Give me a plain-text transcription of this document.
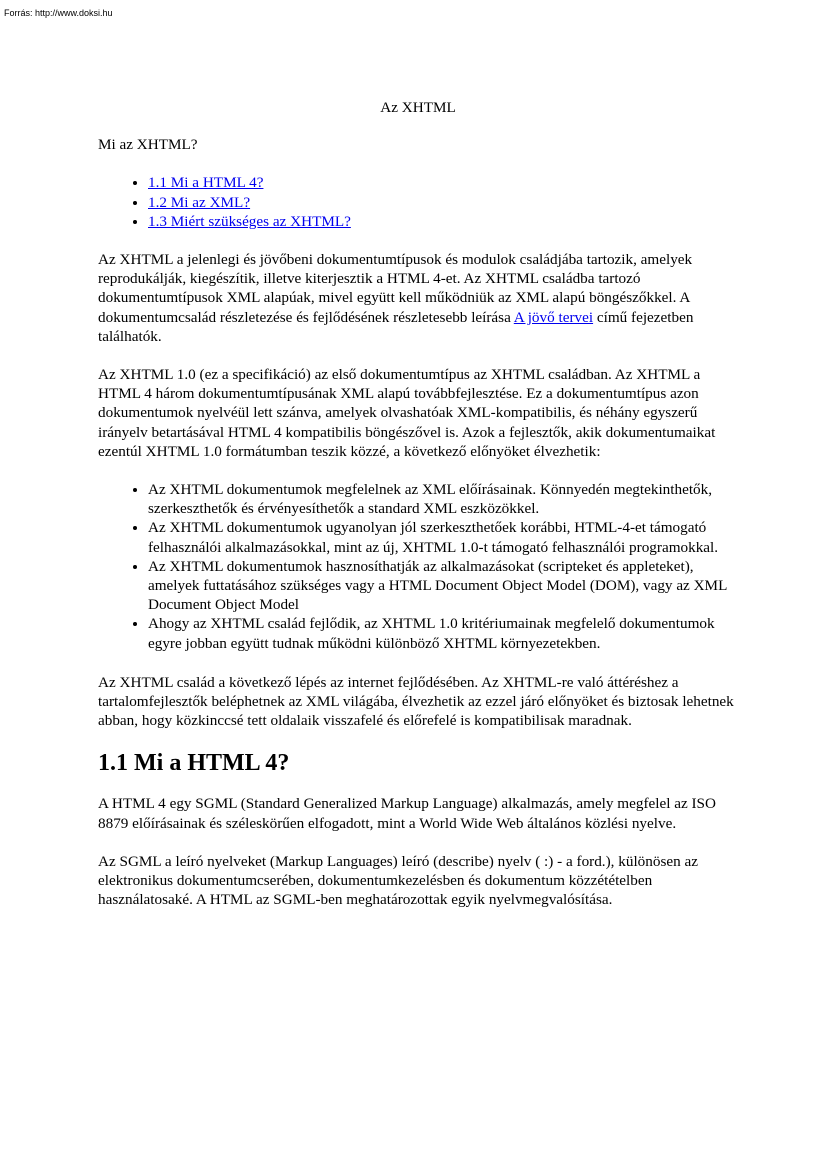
Forrás: http://www.doksi.hu
Az XHTML
Mi az XHTML?
• 1.1 Mi a HTML 4?
• 1.2 Mi az XML?
• 1.3 Miért szükséges az XHTML?

Az XHTML a jelenlegi és jövőbeni dokumentumtípusok és modulok családjába tartozik, amelyek reprodukálják, kiegészítik, illetve kiterjesztik a HTML 4-et. Az XHTML családba tartozó dokumentumtípusok XML alapúak, mivel együtt kell működniük az XML alapú böngészőkkel. A dokumentumcsalád részletezése és fejlődésének részletesebb leírása A jövő tervei című fejezetben találhatók.

Az XHTML 1.0 (ez a specifikáció) az első dokumentumtípus az XHTML családban. Az XHTML a HTML 4 három dokumentumtípusának XML alapú továbbfejlesztése. Ez a dokumentumtípus azon dokumentumok nyelvéül lett szánva, amelyek olvashatóak XML-kompatibilis, és néhány egyszerű irányelv betartásával HTML 4 kompatibilis böngészővel is. Azok a fejlesztők, akik dokumentumaikat ezentúl XHTML 1.0 formátumban teszik közzé, a következő előnyöket élvezhetik:

• Az XHTML dokumentumok megfelelnek az XML előírásainak. Könnyedén megtekinthetők, szerkeszthetők és érvényesíthetők a standard XML eszközökkel.
• Az XHTML dokumentumok ugyanolyan jól szerkeszthetőek korábbi, HTML-4-et támogató felhasználói alkalmazásokkal, mint az új, XHTML 1.0-t támogató felhasználói programokkal.
• Az XHTML dokumentumok hasznosíthatják az alkalmazásokat (scripteket és appleteket), amelyek futtatásához szükséges vagy a HTML Document Object Model (DOM), vagy az XML Document Object Model
• Ahogy az XHTML család fejlődik, az XHTML 1.0 kritériumainak megfelelő dokumentumok egyre jobban együtt tudnak működni különböző XHTML környezetekben.

Az XHTML család a következő lépés az internet fejlődésében. Az XHTML-re való áttéréshez a tartalomfejlesztők beléphetnek az XML világába, élvezhetik az ezzel járó előnyöket és biztosak lehetnek abban, hogy közkinccsé tett oldalaik visszafelé és előrefelé is kompatibilisak maradnak.

1.1 Mi a HTML 4?

A HTML 4 egy SGML (Standard Generalized Markup Language) alkalmazás, amely megfelel az ISO 8879 előírásainak és széleskörűen elfogadott, mint a World Wide Web általános közlési nyelve.

Az SGML a leíró nyelveket (Markup Languages) leíró (describe) nyelv ( :) - a ford.), különösen az elektronikus dokumentumcserében, dokumentumkezelésben és dokumentum közzétételben használatosaké. A HTML az SGML-ben meghatározottak egyik nyelvmegvalósítása.
